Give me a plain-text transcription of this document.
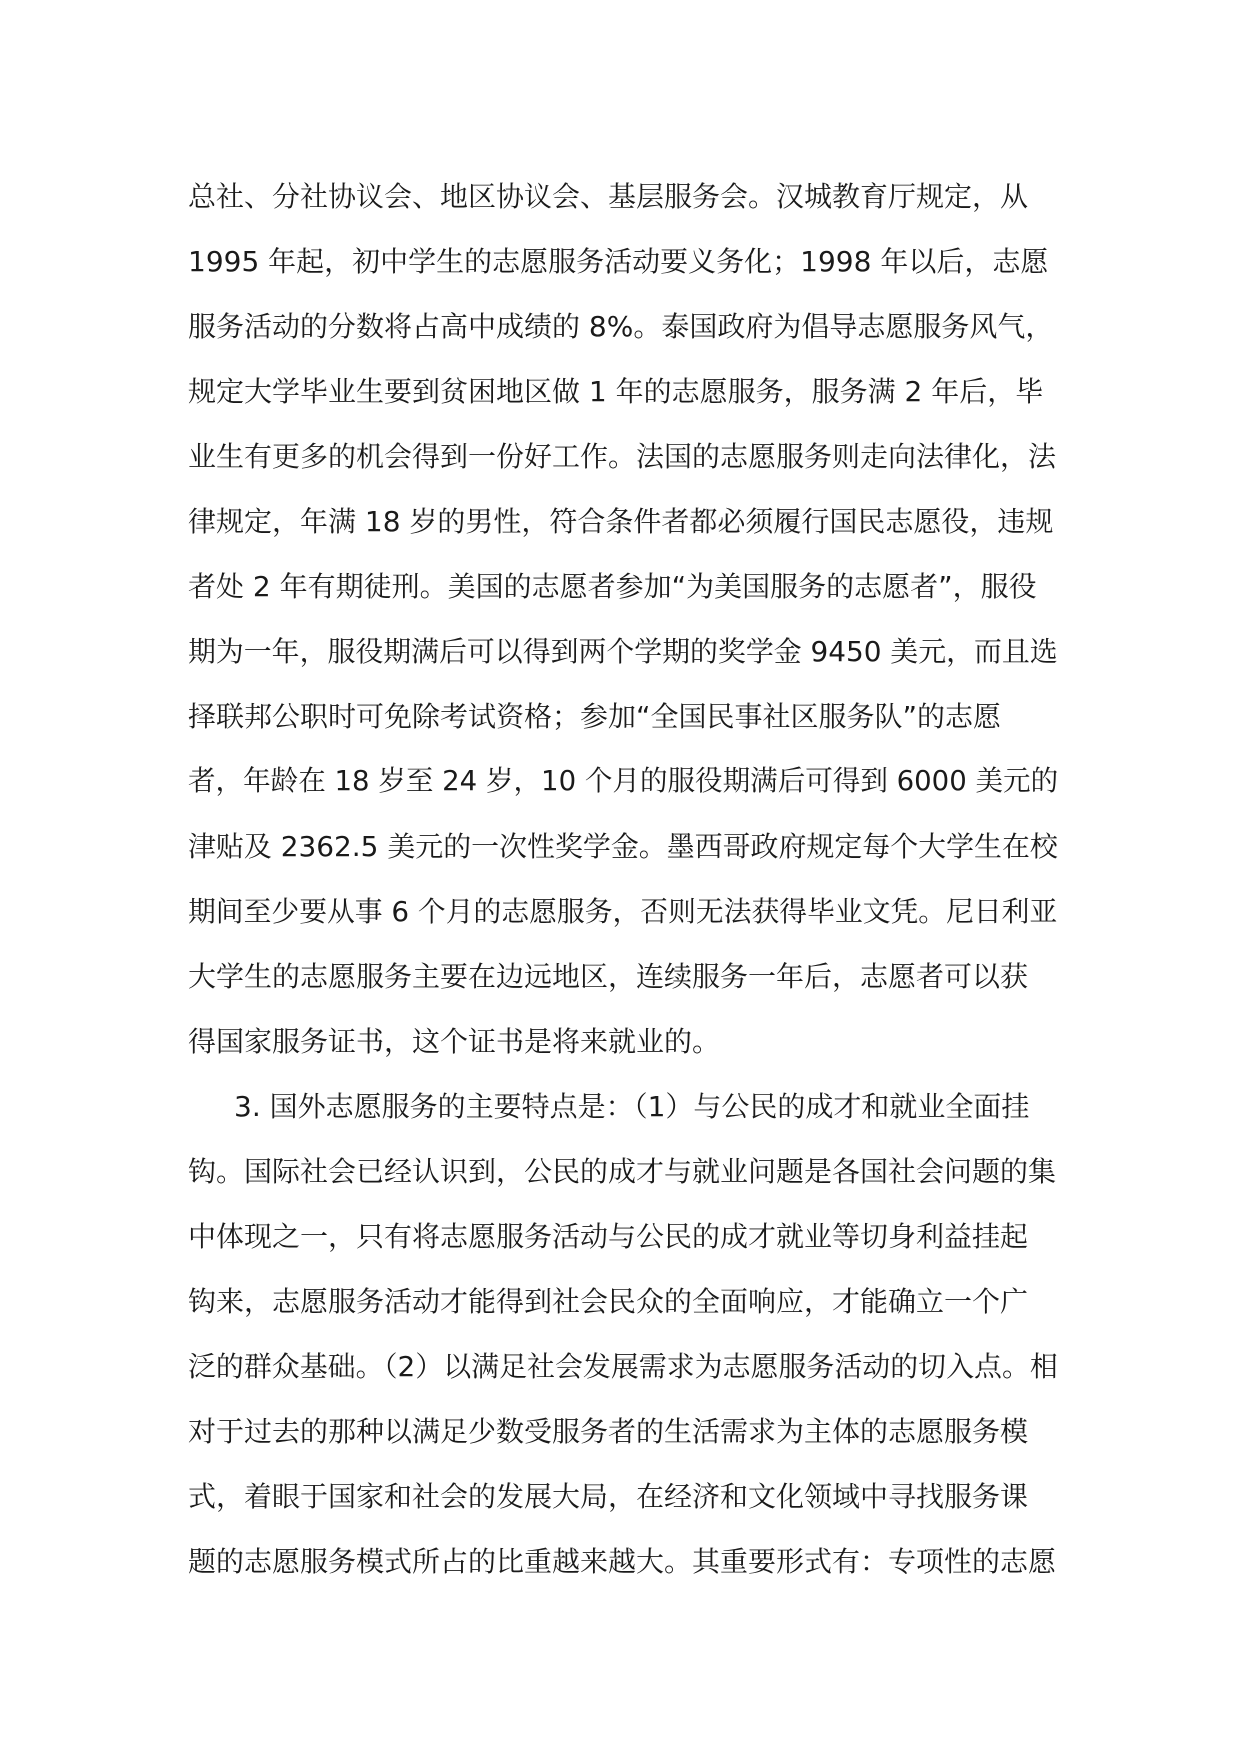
总社、分社协议会、地区协议会、基层服务会。汉城教育厅规定，从
1995 年起，初中学生的志愿服务活动要义务化；1998 年以后，志愿
服务活动的分数将占高中成绩的 8%。泰国政府为倡导志愿服务风气，
规定大学毕业生要到贫困地区做 1 年的志愿服务，服务满 2 年后，毕
业生有更多的机会得到一份好工作。法国的志愿服务则走向法律化，法
律规定，年满 18 岁的男性，符合条件者都必须履行国民志愿役，违规
者处 2 年有期徒刑。美国的志愿者参加“为美国服务的志愿者”，服役
期为一年，服役期满后可以得到两个学期的奖学金 9450 美元，而且选
择联邦公职时可免除考试资格；参加“全国民事社区服务队”的志愿
者，年龄在 18 岁至 24 岁，10 个月的服役期满后可得到 6000 美元的
津贴及 2362.5 美元的一次性奖学金。墨西哥政府规定每个大学生在校
期间至少要从事 6 个月的志愿服务，否则无法获得毕业文凭。尼日利亚
大学生的志愿服务主要在边远地区，连续服务一年后，志愿者可以获
得国家服务证书，这个证书是将来就业的。
3. 国外志愿服务的主要特点是：（1）与公民的成才和就业全面挂
钩。国际社会已经认识到，公民的成才与就业问题是各国社会问题的集
中体现之一，只有将志愿服务活动与公民的成才就业等切身利益挂起
钩来，志愿服务活动才能得到社会民众的全面响应，才能确立一个广
泛的群众基础。（2）以满足社会发展需求为志愿服务活动的切入点。相
对于过去的那种以满足少数受服务者的生活需求为主体的志愿服务模
式，着眼于国家和社会的发展大局，在经济和文化领域中寻找服务课
题的志愿服务模式所占的比重越来越大。其重要形式有：专项性的志愿
